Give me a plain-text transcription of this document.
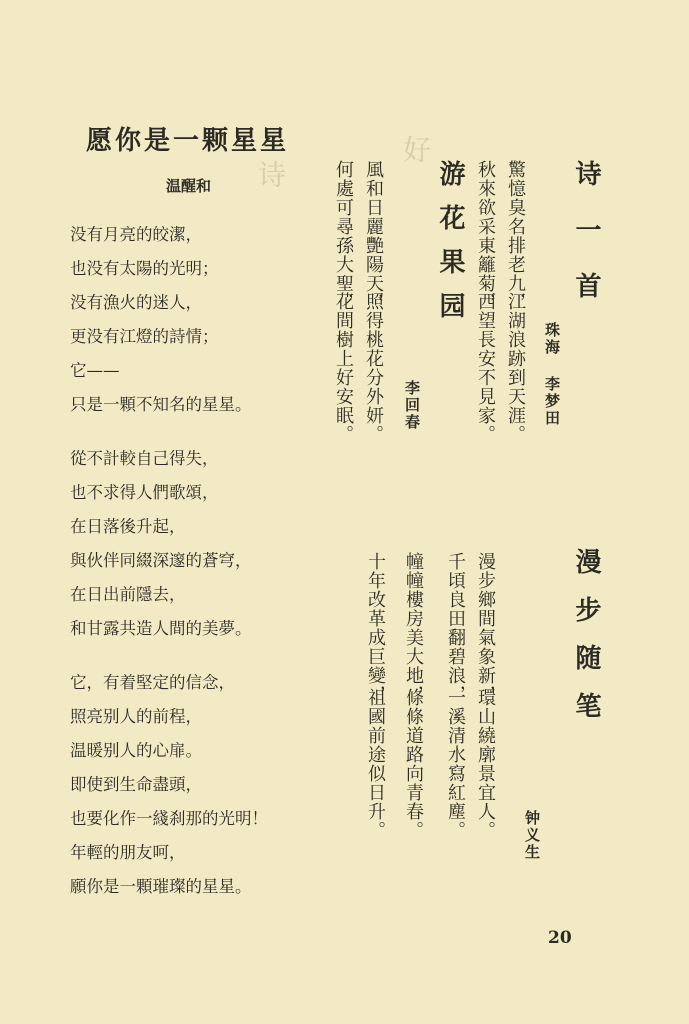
好
诗
愿你是一颗星星
温醒和
没有月亮的皎潔，
也没有太陽的光明；
没有漁火的迷人，
更没有江燈的詩情；
它——
只是一顆不知名的星星。
從不計較自己得失，
也不求得人們歌頌，
在日落後升起，
與伙伴同綴深邃的蒼穹，
在日出前隱去，
和甘露共造人間的美夢。
它，有着堅定的信念，
照亮别人的前程，
温暖别人的心扉。
即使到生命盡頭，
也要化作一綫刹那的光明！
年輕的朋友呵，
願你是一顆璀璨的星星。
诗一首
珠海 李梦田
驚憶臭名排老九，
江湖浪跡到天涯。
秋來欲采東籬菊，
西望長安不見家。
游花果园
李回春
風和日麗艷陽天，
照得桃花分外妍。
何處可尋孫大聖，
花間樹上好安眠。
漫步随笔
钟义生
漫步鄉間氣象新，
環山繞廓景宜人。
千頃良田翻碧浪，
一溪清水寫紅塵。
幢幢樓房美大地，
條條道路向青春。
十年改革成巨變，
祖國前途似日升。
20
